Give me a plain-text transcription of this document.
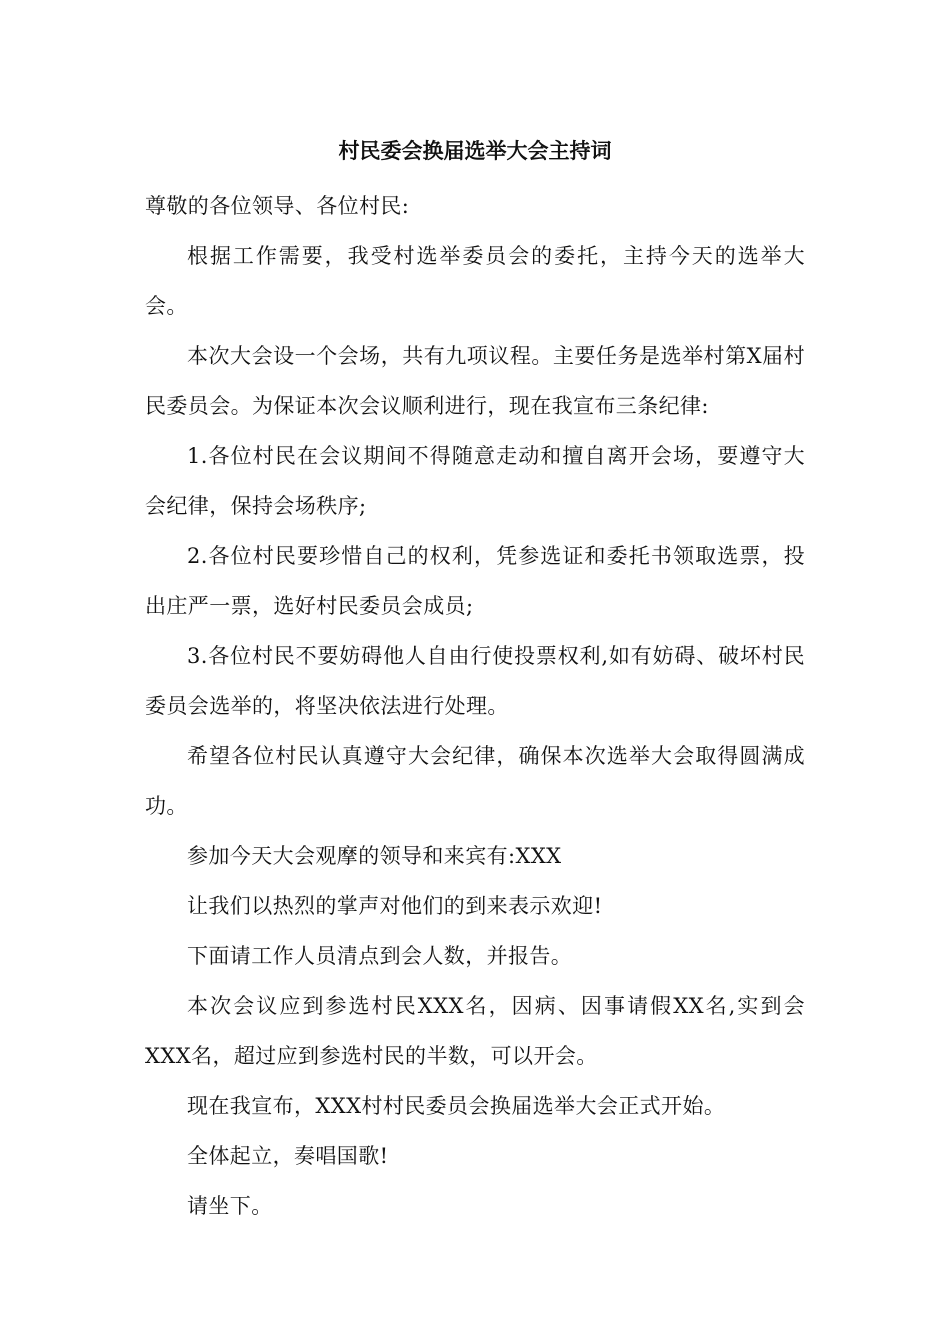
村民委会换届选举大会主持词

尊敬的各位领导、各位村民:

根据工作需要，我受村选举委员会的委托，主持今天的选举大会。

本次大会设一个会场，共有九项议程。主要任务是选举村第X届村民委员会。为保证本次会议顺利进行，现在我宣布三条纪律:

1.各位村民在会议期间不得随意走动和擅自离开会场，要遵守大会纪律，保持会场秩序;

2.各位村民要珍惜自己的权利，凭参选证和委托书领取选票，投出庄严一票，选好村民委员会成员;

3.各位村民不要妨碍他人自由行使投票权利,如有妨碍、破坏村民委员会选举的，将坚决依法进行处理。

希望各位村民认真遵守大会纪律，确保本次选举大会取得圆满成功。

参加今天大会观摩的领导和来宾有:XXX

让我们以热烈的掌声对他们的到来表示欢迎!

下面请工作人员清点到会人数，并报告。

本次会议应到参选村民XXX名，因病、因事请假XX名,实到会XXX名，超过应到参选村民的半数，可以开会。

现在我宣布，XXX村村民委员会换届选举大会正式开始。

全体起立，奏唱国歌!

请坐下。
